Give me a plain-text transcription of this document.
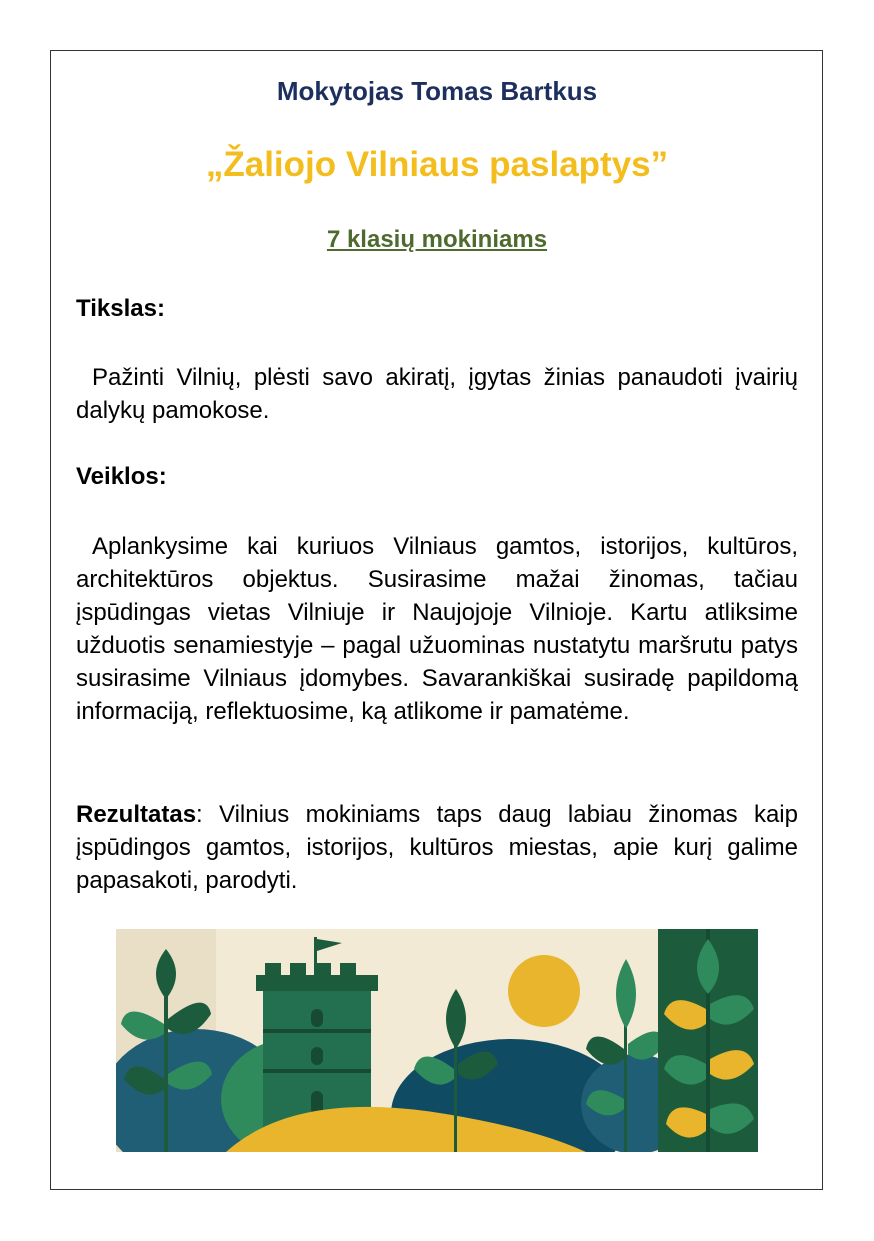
Mokytojas Tomas Bartkus
„Žaliojo Vilniaus paslaptys”
7 klasių mokiniams
Tikslas:
Pažinti Vilnių, plėsti savo akiratį, įgytas žinias panaudoti įvairių dalykų pamokose.
Veiklos:
Aplankysime kai kuriuos Vilniaus gamtos, istorijos, kultūros, architektūros objektus. Susirasime mažai žinomas, tačiau įspūdingas vietas Vilniuje ir Naujojoje Vilnioje. Kartu atliksime užduotis senamiestyje – pagal užuominas nustatytu maršrutu patys susirasime Vilniaus įdomybes. Savarankiškai susiradę papildomą informaciją, reflektuosime, ką atlikome ir pamatėme.
Rezultatas: Vilnius mokiniams taps daug labiau žinomas kaip įspūdingos gamtos, istorijos, kultūros miestas, apie kurį galime papasakoti, parodyti.
